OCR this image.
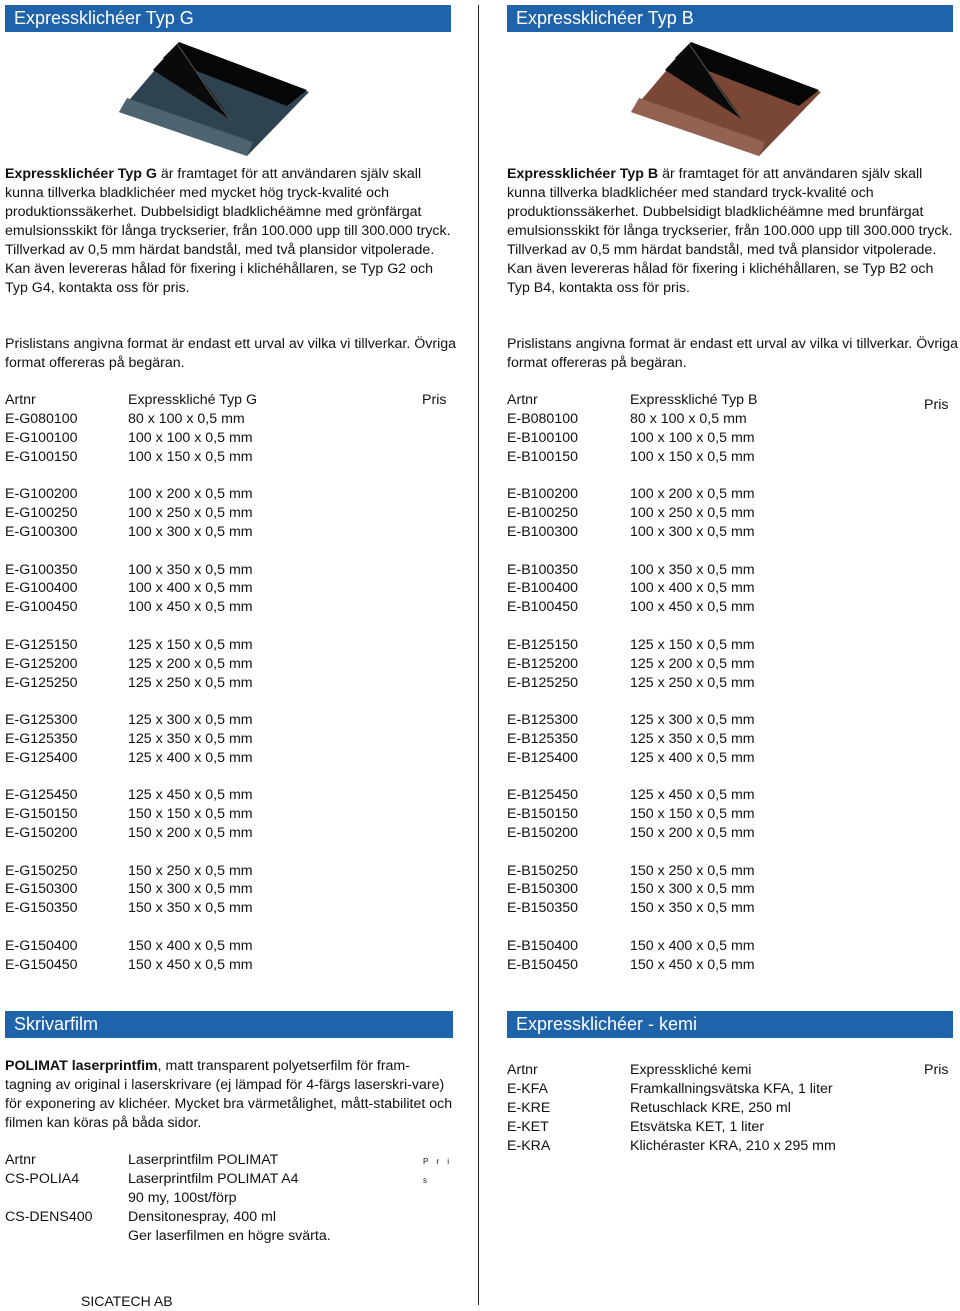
Expressklichéer Typ G

Expressklichéer Typ G är framtaget för att användaren själv skall kunna tillverka bladklichéer med mycket hög tryck-kvalité och produktionssäkerhet. Dubbelsidigt bladklichéämne med grönfärgat emulsionsskikt för långa tryckserier, från 100.000 upp till 300.000 tryck. Tillverkad av 0,5 mm härdat bandstål, med två plansidor vitpolerade. Kan även levereras hålad för fixering i klichéhållaren, se Typ G2 och Typ G4, kontakta oss för pris.

Prislistans angivna format är endast ett urval av vilka vi tillverkar. Övriga format offereras på begäran.

Artnr	Expresskliché Typ G	Pris
E-G080100	80 x 100 x 0,5 mm
E-G100100	100 x 100 x 0,5 mm
E-G100150	100 x 150 x 0,5 mm
E-G100200	100 x 200 x 0,5 mm
E-G100250	100 x 250 x 0,5 mm
E-G100300	100 x 300 x 0,5 mm
E-G100350	100 x 350 x 0,5 mm
E-G100400	100 x 400 x 0,5 mm
E-G100450	100 x 450 x 0,5 mm
E-G125150	125 x 150 x 0,5 mm
E-G125200	125 x 200 x 0,5 mm
E-G125250	125 x 250 x 0,5 mm
E-G125300	125 x 300 x 0,5 mm
E-G125350	125 x 350 x 0,5 mm
E-G125400	125 x 400 x 0,5 mm
E-G125450	125 x 450 x 0,5 mm
E-G150150	150 x 150 x 0,5 mm
E-G150200	150 x 200 x 0,5 mm
E-G150250	150 x 250 x 0,5 mm
E-G150300	150 x 300 x 0,5 mm
E-G150350	150 x 350 x 0,5 mm
E-G150400	150 x 400 x 0,5 mm
E-G150450	150 x 450 x 0,5 mm
Expressklichéer Typ B

Expressklichéer Typ B är framtaget för att användaren själv skall kunna tillverka bladklichéer med standard tryck-kvalité och produktionssäkerhet. Dubbelsidigt bladklichéämne med brunfärgat emulsionsskikt för långa tryckserier, från 100.000 upp till 300.000 tryck. Tillverkad av 0,5 mm härdat bandstål, med två plansidor vitpolerade. Kan även levereras hålad för fixering i klichéhållaren, se Typ B2 och Typ B4, kontakta oss för pris.

Prislistans angivna format är endast ett urval av vilka vi tillverkar. Övriga format offereras på begäran.

Artnr	Expresskliché Typ B	Pris
E-B080100	80 x 100 x 0,5 mm
E-B100100	100 x 100 x 0,5 mm
E-B100150	100 x 150 x 0,5 mm
E-B100200	100 x 200 x 0,5 mm
E-B100250	100 x 250 x 0,5 mm
E-B100300	100 x 300 x 0,5 mm
E-B100350	100 x 350 x 0,5 mm
E-B100400	100 x 400 x 0,5 mm
E-B100450	100 x 450 x 0,5 mm
E-B125150	125 x 150 x 0,5 mm
E-B125200	125 x 200 x 0,5 mm
E-B125250	125 x 250 x 0,5 mm
E-B125300	125 x 300 x 0,5 mm
E-B125350	125 x 350 x 0,5 mm
E-B125400	125 x 400 x 0,5 mm
E-B125450	125 x 450 x 0,5 mm
E-B150150	150 x 150 x 0,5 mm
E-B150200	150 x 200 x 0,5 mm
E-B150250	150 x 250 x 0,5 mm
E-B150300	150 x 300 x 0,5 mm
E-B150350	150 x 350 x 0,5 mm
E-B150400	150 x 400 x 0,5 mm
E-B150450	150 x 450 x 0,5 mm
Skrivarfilm

POLIMAT laserprintfim, matt transparent polyetserfilm för fram-tagning av original i laserskrivare (ej lämpad för 4-färgs laserskri-vare) för exponering av klichéer. Mycket bra värmetålighet, mått-stabilitet och filmen kan köras på båda sidor.

Artnr	Laserprintfilm POLIMAT	P r i s
CS-POLIA4	Laserprintfilm POLIMAT A4
90 my, 100st/förp
CS-DENS400 Densitonespray, 400 ml
Ger laserfilmen en högre svärta.
Expressklichéer - kemi
Artnr	Expresskliché kemi	Pris
E-KFA	Framkallningsvätska KFA, 1 liter
E-KRE	Retuschlack KRE, 250 ml
E-KET	Etsvätska KET, 1 liter
E-KRA	Klichéraster KRA, 210 x 295 mm
SICATECH AB
